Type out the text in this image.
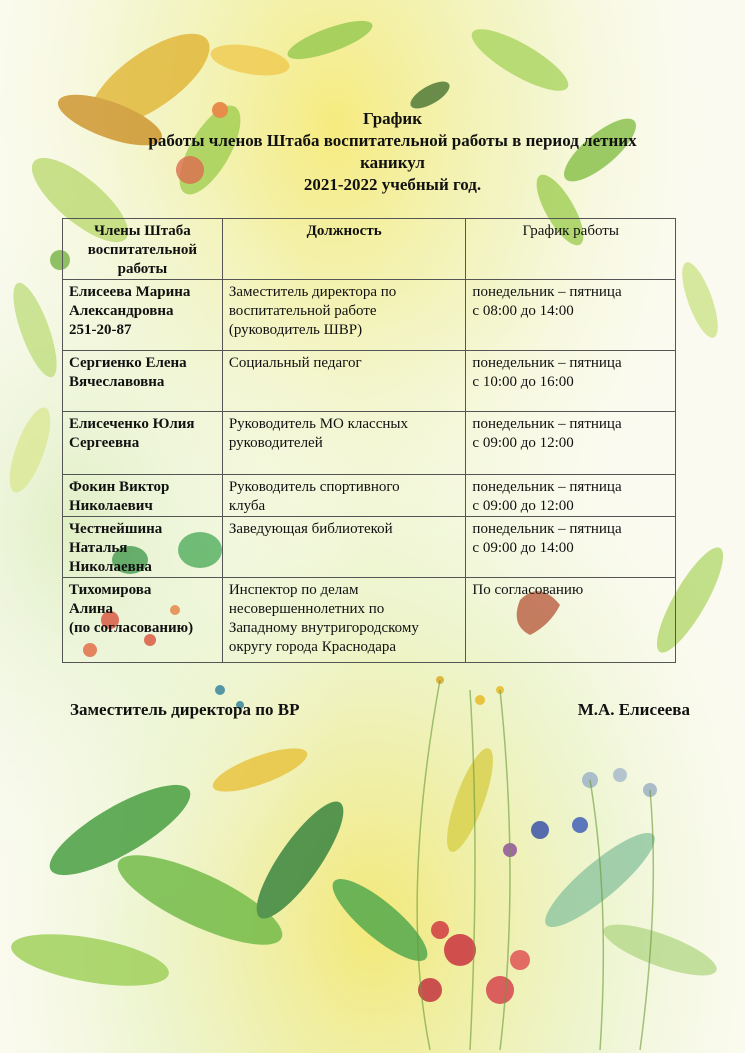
График
работы членов Штаба воспитательной работы в период летних
каникул
2021-2022 учебный год.
Члены Штаба
воспитательной
работы	Должность	График работы

Елисеева Марина
Александровна
251-20-87	Заместитель директора по
воспитательной работе
(руководитель ШВР)	понедельник – пятница
с 08:00 до 14:00

Сергиенко Елена
Вячеславовна	Социальный педагог	понедельник – пятница
с 10:00 до 16:00

Елисеченко Юлия
Сергеевна	Руководитель МО классных
руководителей	понедельник – пятница
с 09:00 до 12:00

Фокин Виктор
Николаевич	Руководитель спортивного
клуба	понедельник – пятница
с 09:00 до 12:00

Честнейшина
Наталья
Николаевна	Заведующая библиотекой	понедельник – пятница
с 09:00 до 14:00

Тихомирова
Алина
(по согласованию)	Инспектор по делам
несовершеннолетних по
Западному внутригородскому
округу города Краснодара	По согласованию
Заместитель директора по ВР	М.А. Елисеева
